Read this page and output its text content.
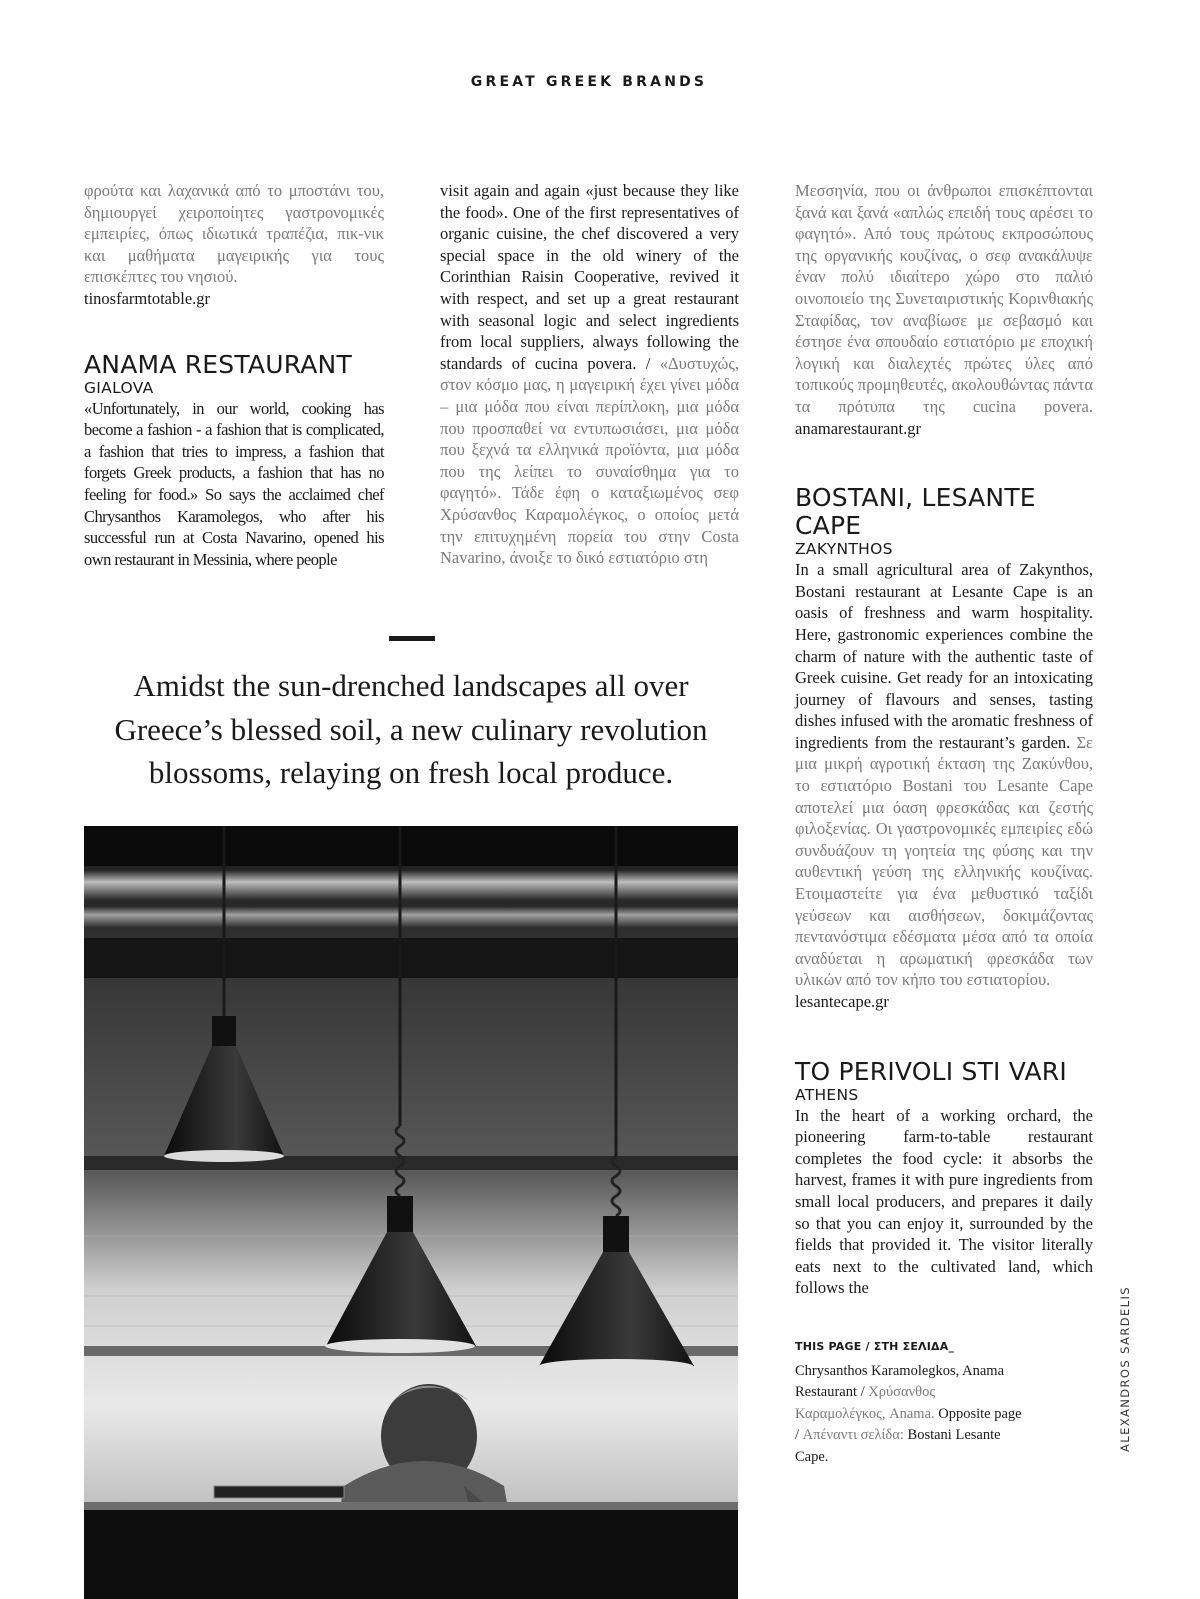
GREAT GREEK BRANDS

φρούτα και λαχανικά από το μποστάνι του, δημιουργεί χειροποίητες γαστρονομικές εμπειρίες, όπως ιδιωτικά τραπέζια, πικ-νικ και μαθήματα μαγειρικής για τους επισκέπτες του νησιού.
tinosfarmtotable.gr

ANAMA RESTAURANT
GIALOVA

«Unfortunately, in our world, cooking has become a fashion - a fashion that is complicated, a fashion that tries to impress, a fashion that forgets Greek products, a fashion that has no feeling for food.» So says the acclaimed chef Chrysanthos Karamolegos, who after his successful run at Costa Navarino, opened his own restaurant in Messinia, where people

visit again and again «just because they like the food». One of the first representatives of organic cuisine, the chef discovered a very special space in the old winery of the Corinthian Raisin Cooperative, revived it with respect, and set up a great restaurant with seasonal logic and select ingredients from local suppliers, always following the standards of cucina povera. / «Δυστυχώς, στον κόσμο μας, η μαγειρική έχει γίνει μόδα – μια μόδα που είναι περίπλοκη, μια μόδα που προσπαθεί να εντυπωσιάσει, μια μόδα που ξεχνά τα ελληνικά προϊόντα, μια μόδα που της λείπει το συναίσθημα για το φαγητό». Τάδε έφη ο καταξιωμένος σεφ Χρύσανθος Καραμολέγκος, ο οποίος μετά την επιτυχημένη πορεία του στην Costa Navarino, άνοιξε το δικό εστιατόριο στη

Μεσσηνία, που οι άνθρωποι επισκέπτονται ξανά και ξανά «απλώς επειδή τους αρέσει το φαγητό». Από τους πρώτους εκπροσώπους της οργανικής κουζίνας, ο σεφ ανακάλυψε έναν πολύ ιδιαίτερο χώρο στο παλιό οινοποιείο της Συνεταιριστικής Κορινθιακής Σταφίδας, τον αναβίωσε με σεβασμό και έστησε ένα σπουδαίο εστιατόριο με εποχική λογική και διαλεχτές πρώτες ύλες από τοπικούς προμηθευτές, ακολουθώντας πάντα τα πρότυπα της cucina povera. anamarestaurant.gr

BOSTANI, LESANTE CAPE
ZAKYNTHOS

In a small agricultural area of Zakynthos, Bostani restaurant at Lesante Cape is an oasis of freshness and warm hospitality. Here, gastronomic experiences combine the charm of nature with the authentic taste of Greek cuisine. Get ready for an intoxicating journey of flavours and senses, tasting dishes infused with the aromatic freshness of ingredients from the restaurant’s garden. Σε μια μικρή αγροτική έκταση της Ζακύνθου, το εστιατόριο Bostani του Lesante Cape αποτελεί μια όαση φρεσκάδας και ζεστής φιλοξενίας. Οι γαστρονομικές εμπειρίες εδώ συνδυάζουν τη γοητεία της φύσης και την αυθεντική γεύση της ελληνικής κουζίνας. Ετοιμαστείτε για ένα μεθυστικό ταξίδι γεύσεων και αισθήσεων, δοκιμάζοντας πεντανόστιμα εδέσματα μέσα από τα οποία αναδύεται η αρωματική φρεσκάδα των υλικών από τον κήπο του εστιατορίου.
lesantecape.gr

TO PERIVOLI STI VARI
ATHENS

In the heart of a working orchard, the pioneering farm-to-table restaurant completes the food cycle: it absorbs the harvest, frames it with pure ingredients from small local producers, and prepares it daily so that you can enjoy it, surrounded by the fields that provided it. The visitor literally eats next to the cultivated land, which follows the

Amidst the sun-drenched landscapes all over Greece’s blessed soil, a new culinary revolution blossoms, relaying on fresh local produce.

THIS PAGE / ΣΤΗ ΣΕΛΙΔΑ_
Chrysanthos Karamolegkos, Anama Restaurant / Χρύσανθος Καραμολέγκος, Anama. Opposite page / Απέναντι σελίδα: Bostani Lesante Cape.
ALEXANDROS SARDELIS
